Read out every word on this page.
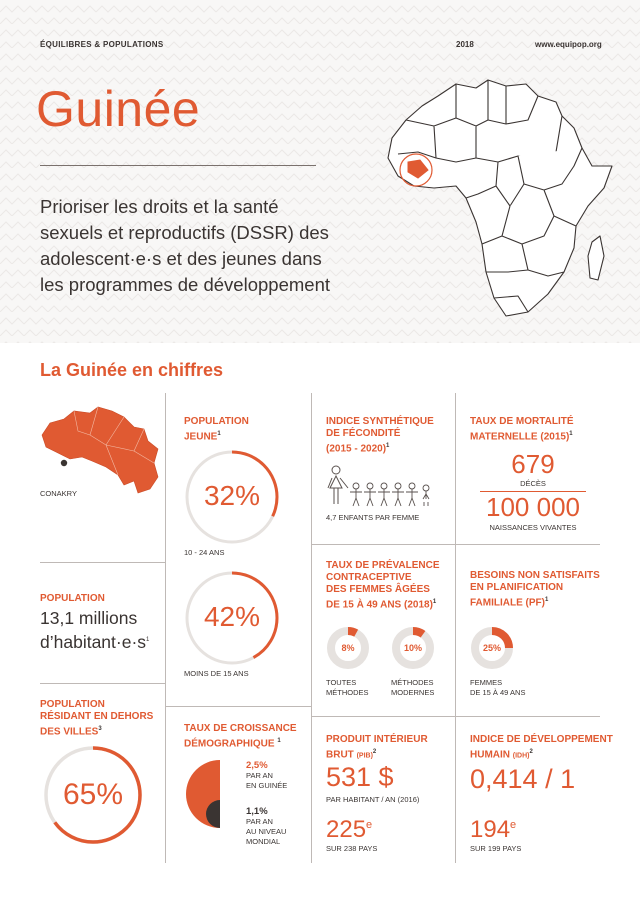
ÉQUILIBRES & POPULATIONS	2018	www.equipop.org
Guinée
Prioriser les droits et la santé sexuels et reproductifs (DSSR) des adolescent·e·s et des jeunes dans les programmes de développement
La Guinée en chiffres
CONAKRY
POPULATION
13,1 millions
$d’habitant\cdot e\cdot s^1$
POPULATION
RÉSIDANT EN DEHORS
DES VILLES$^3$
65%
POPULATION
JEUNE$^1$
32%
10 - 24 ANS
42%
MOINS DE 15 ANS
TAUX DE CROISSANCE
DÉMOGRAPHIQUE $^1$
2,5%
PAR AN
EN GUINÉE
1,1%
PAR AN
AU NIVEAU
MONDIAL
INDICE SYNTHÉTIQUE
DE FÉCONDITÉ
(2015 - 2020)$^1$
4,7 ENFANTS PAR FEMME
TAUX DE PRÉVALENCE
CONTRACEPTIVE
DES FEMMES ÂGÉES
DE 15 À 49 ANS $(2018)^1$
8%
TOUTES
MÉTHODES
10%
MÉTHODES
MODERNES
PRODUIT INTÉRIEUR
BRUT (PIB)$^2$
531 $
PAR HABITANT / AN (2016)
225e
SUR 238 PAYS
TAUX DE MORTALITÉ
MATERNELLE $(2015)^1$
679
DÉCÈS
100 000
NAISSANCES VIVANTES
BESOINS NON SATISFAITS
EN PLANIFICATION
FAMILIALE (PF)$^1$
25%
FEMMES
DE 15 À 49 ANS
INDICE DE DÉVELOPPEMENT
HUMAIN (IDH)$^2$
0,414 / 1
194e
SUR 199 PAYS
